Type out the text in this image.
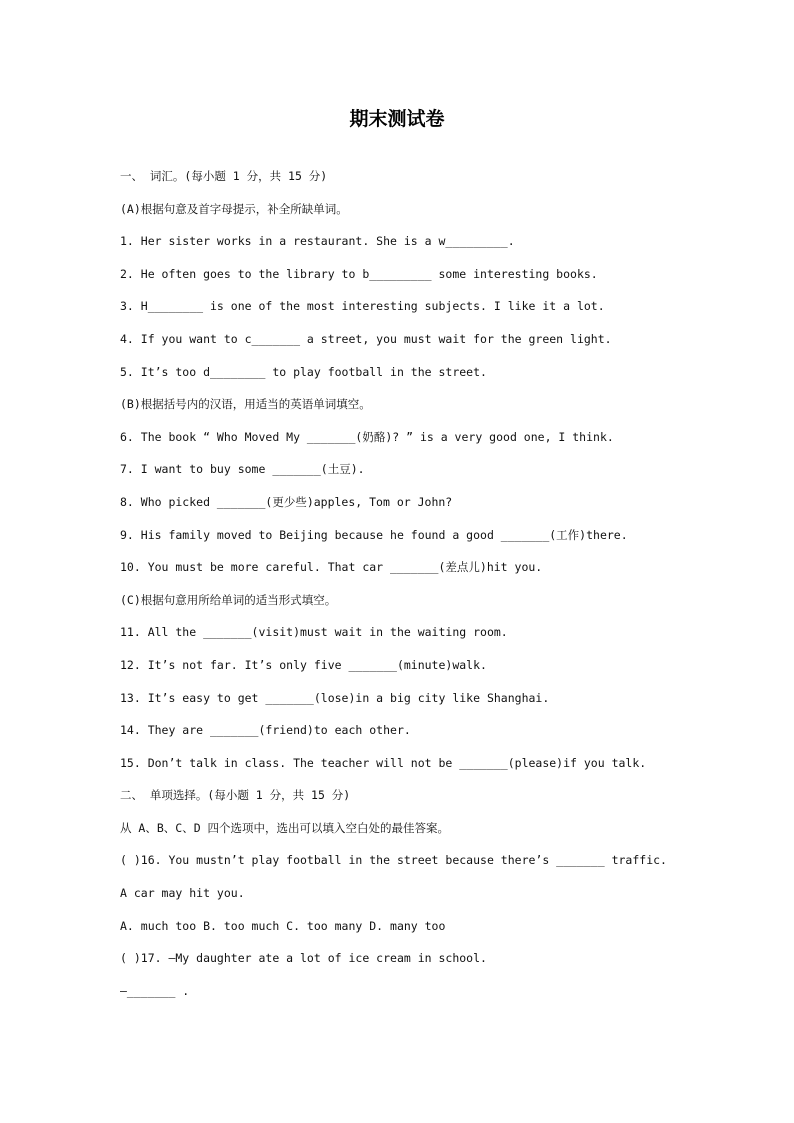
期末测试卷
一、 词汇。(每小题 1 分，共 15 分)
(A)根据句意及首字母提示，补全所缺单词。
1. Her sister works in a restaurant. She is a w_________.
2. He often goes to the library to b_________ some interesting books.
3. H________ is one of the most interesting subjects. I like it a lot.
4. If you want to c_______ a street, you must wait for the green light.
5. It’s too d________ to play football in the street.
(B)根据括号内的汉语，用适当的英语单词填空。
6. The book “ Who Moved My _______(奶酪)? ” is a very good one, I think.
7. I want to buy some _______(土豆).
8. Who picked _______(更少些)apples, Tom or John?
9. His family moved to Beijing because he found a good _______(工作)there.
10. You must be more careful. That car _______(差点儿)hit you.
(C)根据句意用所给单词的适当形式填空。
11. All the _______(visit)must wait in the waiting room.
12. It’s not far. It’s only five _______(minute)walk.
13. It’s easy to get _______(lose)in a big city like Shanghai.
14. They are _______(friend)to each other.
15. Don’t talk in class. The teacher will not be _______(please)if you talk.
二、 单项选择。(每小题 1 分，共 15 分)
从 A、B、C、D 四个选项中，选出可以填入空白处的最佳答案。
( )16. You mustn’t play football in the street because there’s _______ traffic.
A car may hit you.
A. much too B. too much C. too many D. many too
( )17. —My daughter ate a lot of ice cream in school.
—_______ .
